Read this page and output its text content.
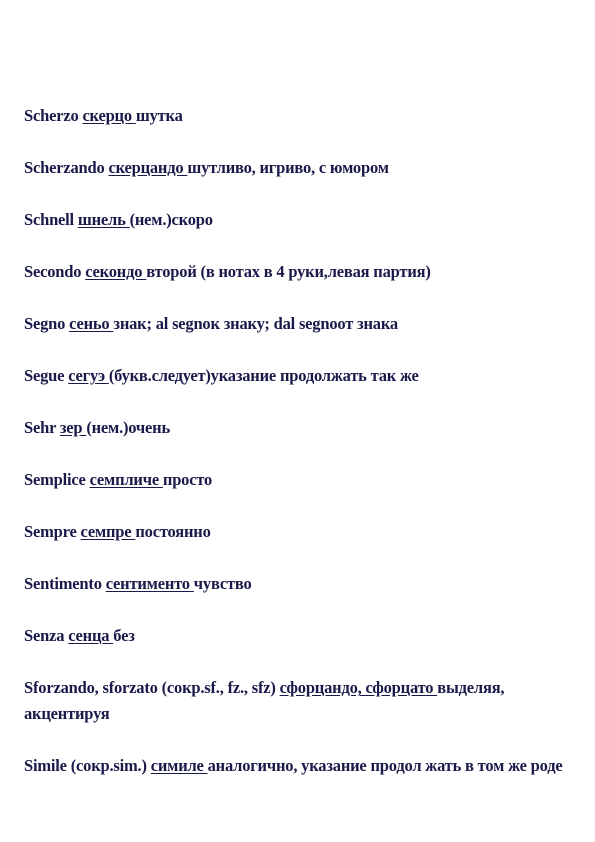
Scherzo скерцо шутка
Scherzando скерцандо шутливо, игриво, с юмором
Schnell шнель (нем.)скоро
Secondo секондо второй (в нотах в 4 руки,левая партия)
Segno сеньо знак; al segnoк знаку; dal segnoот знака
Segue сегуэ (букв.следует)указание продолжать так же
Sehr зер (нем.)очень
Semplice семпличе просто
Sempre семпре постоянно
Sentimento сентименто чувство
Senza сенца без
Sforzando, sforzato (сокр.sf., fz., sfz) сфорцандо, сфорцато выделяя, акцентируя
Simile (сокр.sim.) симиле аналогично, указание продол жать в том же роде
